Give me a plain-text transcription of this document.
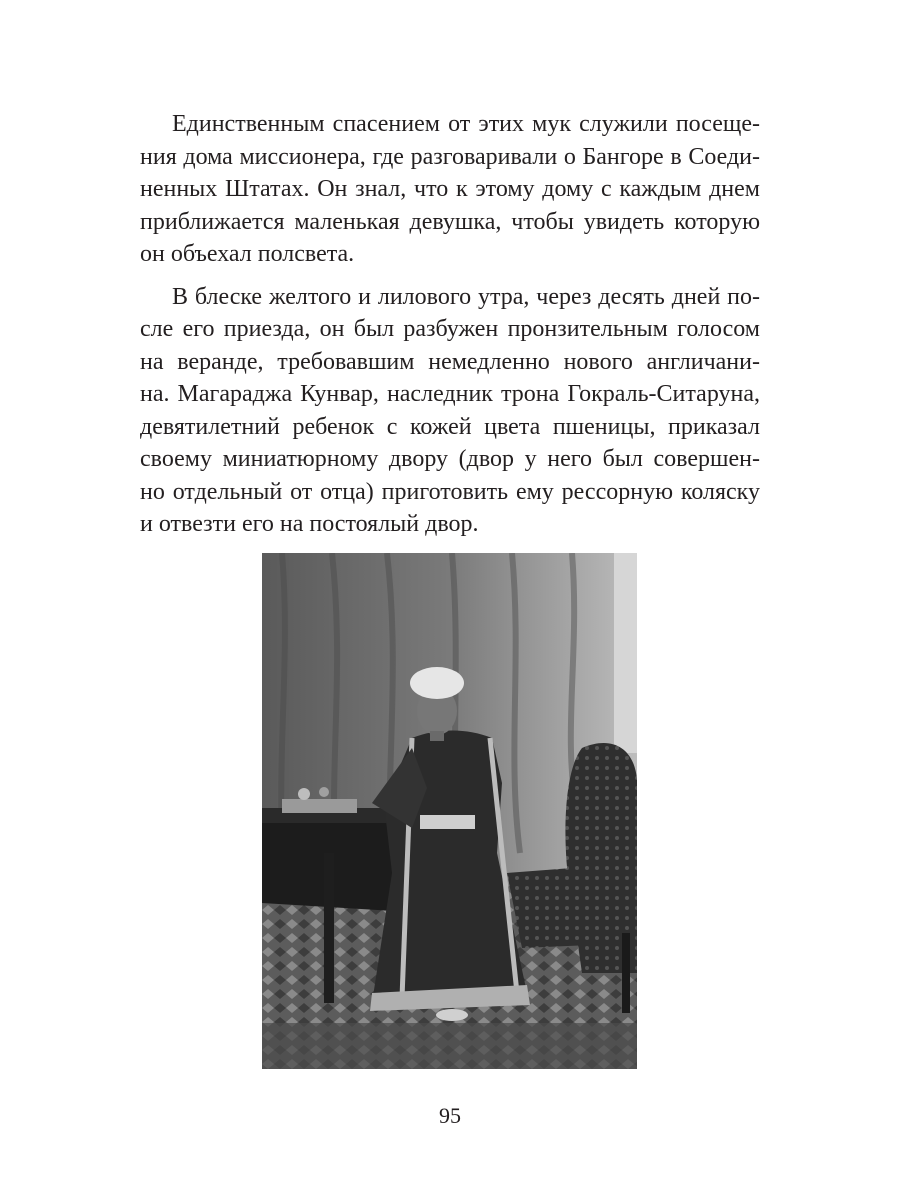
Единственным спасением от этих мук служили посеще-
ния дома миссионера, где разговаривали о Бангоре в Соеди-
ненных Штатах. Он знал, что к этому дому с каждым днем
приближается маленькая девушка, чтобы увидеть которую
он объехал полсвета.
В блеске желтого и лилового утра, через десять дней по-
сле его приезда, он был разбужен пронзительным голосом
на веранде, требовавшим немедленно нового англичани-
на. Магараджа Кунвар, наследник трона Гокраль-Ситаруна,
девятилетний ребенок с кожей цвета пшеницы, приказал
своему миниатюрному двору (двор у него был совершен-
но отдельный от отца) приготовить ему рессорную коляску
и отвезти его на постоялый двор.
95
